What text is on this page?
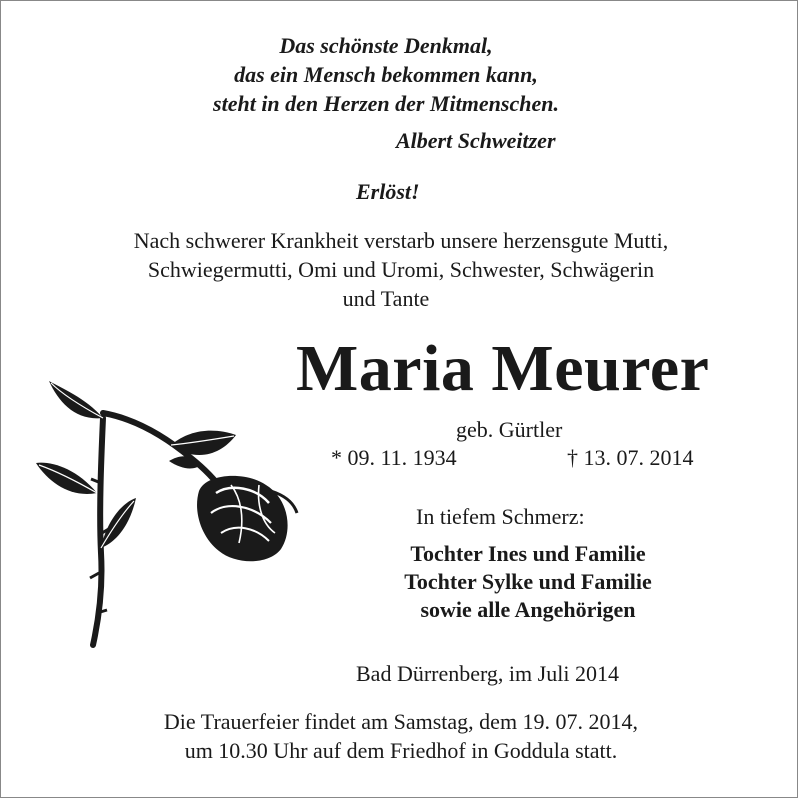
Das schönste Denkmal,
das ein Mensch bekommen kann,
steht in den Herzen der Mitmenschen.
Albert Schweitzer
Erlöst!
Nach schwerer Krankheit verstarb unsere herzensgute Mutti,
Schwiegermutti, Omi und Uromi, Schwester, Schwägerin
und Tante
Maria Meurer
geb. Gürtler
* 09. 11. 1934	† 13. 07. 2014
In tiefem Schmerz:
Tochter Ines und Familie
Tochter Sylke und Familie
sowie alle Angehörigen
Bad Dürrenberg, im Juli 2014
Die Trauerfeier findet am Samstag, dem 19. 07. 2014,
um 10.30 Uhr auf dem Friedhof in Goddula statt.
